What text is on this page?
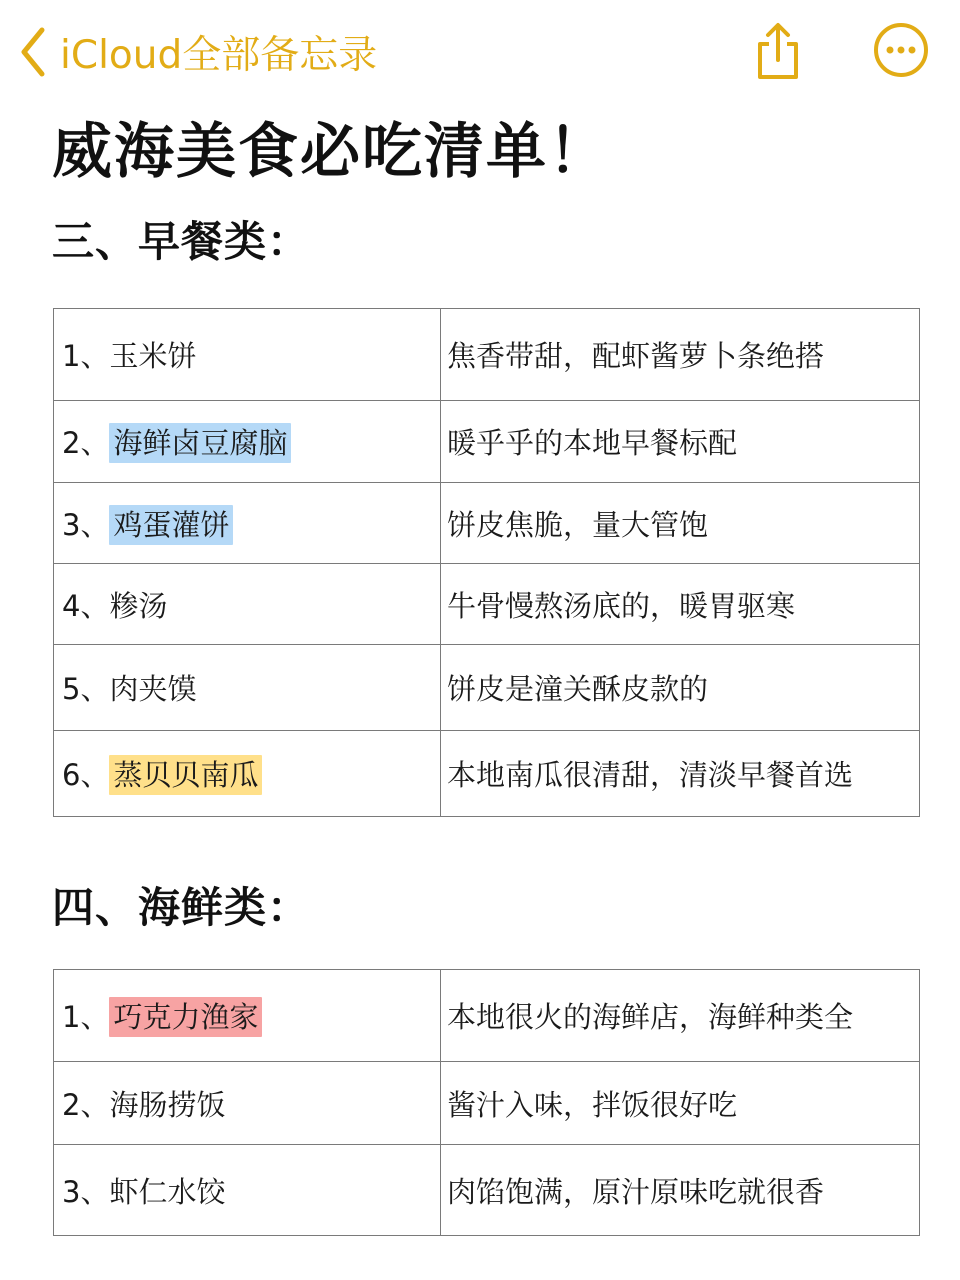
iCloud全部备忘录
威海美食必吃清单！
三、早餐类：
1、玉米饼	焦香带甜，配虾酱萝卜条绝搭
2、 海鲜卤豆腐脑	暖乎乎的本地早餐标配
3、 鸡蛋灌饼	饼皮焦脆，量大管饱
4、糁汤	牛骨慢熬汤底的，暖胃驱寒
5、肉夹馍	饼皮是潼关酥皮款的
6、 蒸贝贝南瓜	本地南瓜很清甜，清淡早餐首选
四、海鲜类：
1、 巧克力渔家	本地很火的海鲜店，海鲜种类全
2、海肠捞饭	酱汁入味，拌饭很好吃
3、虾仁水饺	肉馅饱满，原汁原味吃就很香
